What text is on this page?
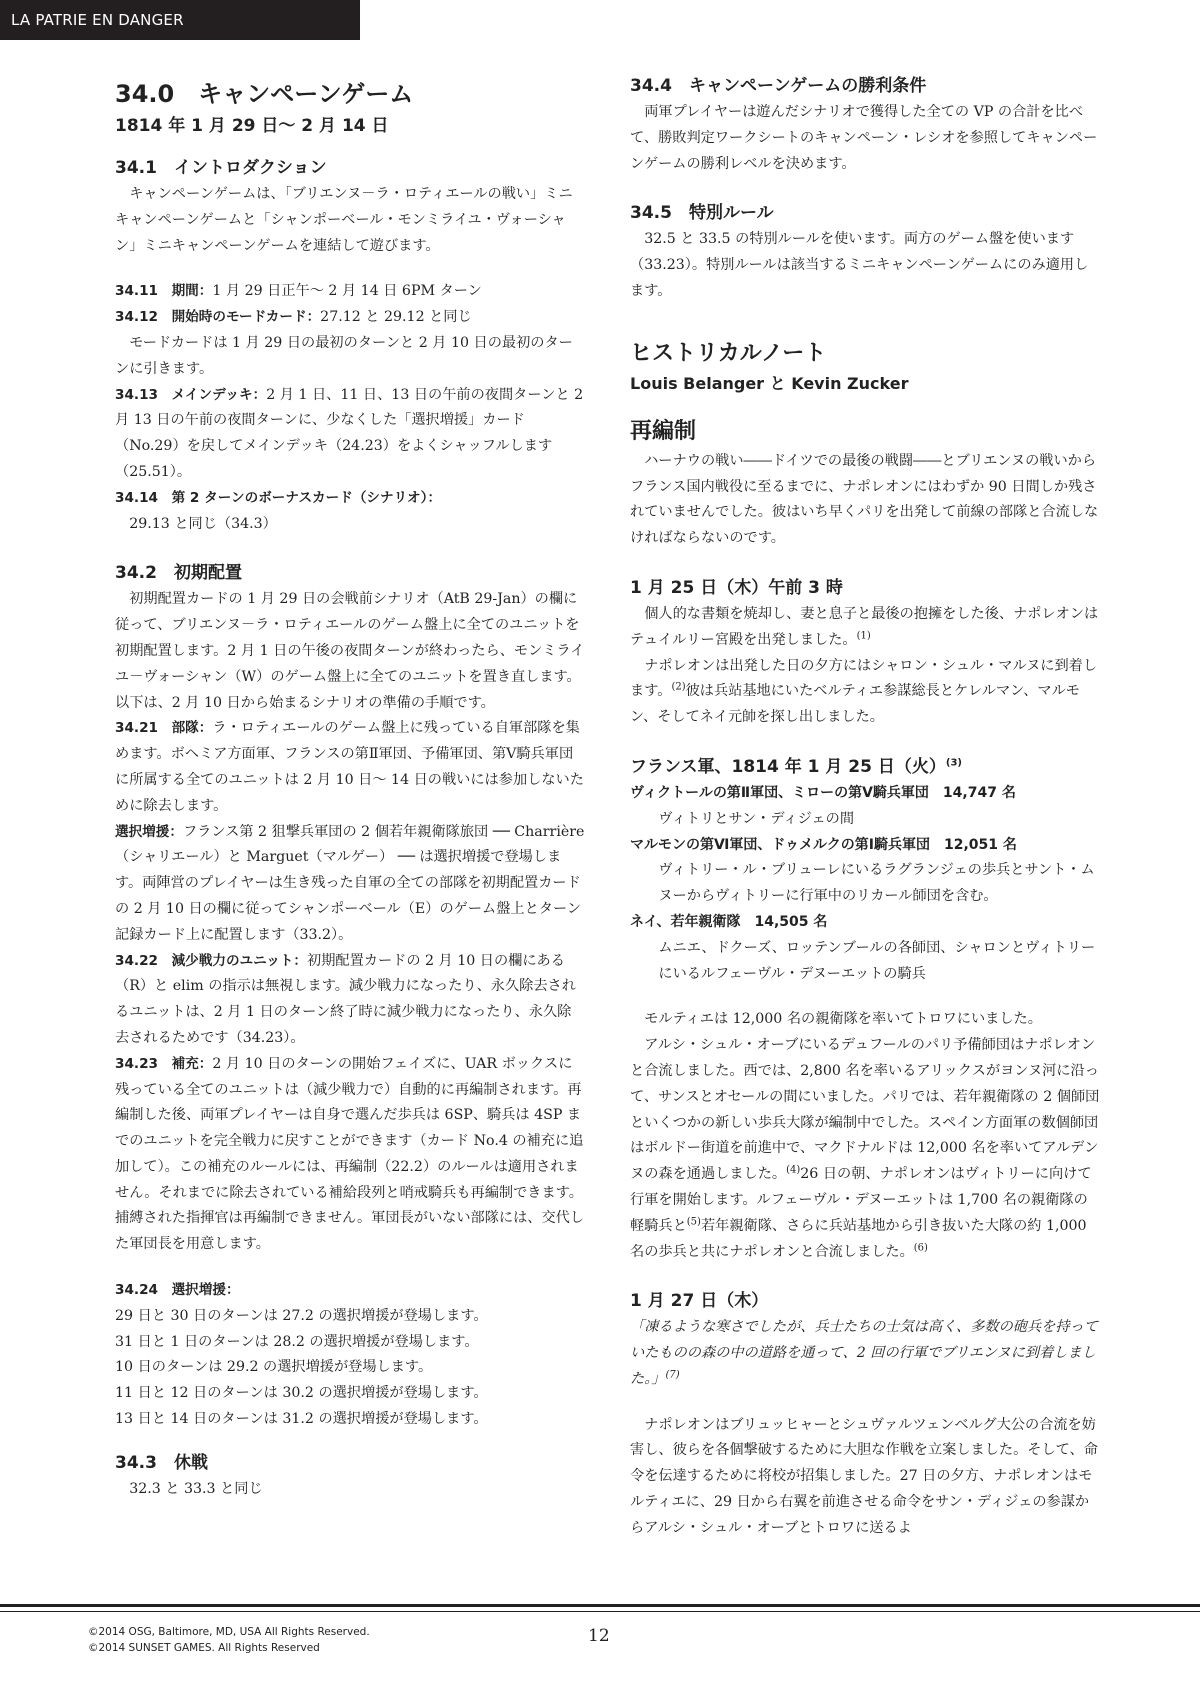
LA PATRIE EN DANGER
34.0　キャンペーンゲーム
1814 年 1 月 29 日～ 2 月 14 日
34.1　イントロダクション

キャンペーンゲームは、「ブリエンヌ－ラ・ロティエールの戦い」ミニキャンペーンゲームと「シャンポーベール・モンミライユ・ヴォーシャン」ミニキャンペーンゲームを連結して遊びます。

34.11　期間：1 月 29 日正午～ 2 月 14 日 6PM ターン

34.12　開始時のモードカード：27.12 と 29.12 と同じ

モードカードは 1 月 29 日の最初のターンと 2 月 10 日の最初のターンに引きます。

34.13　メインデッキ：2 月 1 日、11 日、13 日の午前の夜間ターンと 2 月 13 日の午前の夜間ターンに、少なくした「選択増援」カード（No.29）を戻してメインデッキ（24.23）をよくシャッフルします（25.51）。

34.14　第 2 ターンのボーナスカード（シナリオ）：

29.13 と同じ（34.3）

34.2　初期配置

初期配置カードの 1 月 29 日の会戦前シナリオ（AtB 29-Jan）の欄に従って、ブリエンヌ－ラ・ロティエールのゲーム盤上に全てのユニットを初期配置します。2 月 1 日の午後の夜間ターンが終わったら、モンミライユ－ヴォーシャン（W）のゲーム盤上に全てのユニットを置き直します。以下は、2 月 10 日から始まるシナリオの準備の手順です。

34.21　部隊：ラ・ロティエールのゲーム盤上に残っている自軍部隊を集めます。ボヘミア方面軍、フランスの第Ⅱ軍団、予備軍団、第Ⅴ騎兵軍団に所属する全てのユニットは 2 月 10 日～ 14 日の戦いには参加しないために除去します。

選択増援：フランス第 2 狙撃兵軍団の 2 個若年親衛隊旅団 ── Charrière（シャリエール）と Marguet（マルゲー） ── は選択増援で登場します。両陣営のプレイヤーは生き残った自軍の全ての部隊を初期配置カードの 2 月 10 日の欄に従ってシャンポーベール（E）のゲーム盤上とターン記録カード上に配置します（33.2）。

34.22　減少戦力のユニット：初期配置カードの 2 月 10 日の欄にある（R）と elim の指示は無視します。減少戦力になったり、永久除去されるユニットは、2 月 1 日のターン終了時に減少戦力になったり、永久除去されるためです（34.23）。

34.23　補充：2 月 10 日のターンの開始フェイズに、UAR ボックスに残っている全てのユニットは（減少戦力で）自動的に再編制されます。再編制した後、両軍プレイヤーは自身で選んだ歩兵は 6SP、騎兵は 4SP までのユニットを完全戦力に戻すことができます（カード No.4 の補充に追加して）。この補充のルールには、再編制（22.2）のルールは適用されません。それまでに除去されている補給段列と哨戒騎兵も再編制できます。捕縛された指揮官は再編制できません。軍団長がいない部隊には、交代した軍団長を用意します。

34.24　選択増援：

29 日と 30 日のターンは 27.2 の選択増援が登場します。

31 日と 1 日のターンは 28.2 の選択増援が登場します。

10 日のターンは 29.2 の選択増援が登場します。

11 日と 12 日のターンは 30.2 の選択増援が登場します。

13 日と 14 日のターンは 31.2 の選択増援が登場します。

34.3　休戦

32.3 と 33.3 と同じ

34.4　キャンペーンゲームの勝利条件

両軍プレイヤーは遊んだシナリオで獲得した全ての VP の合計を比べて、勝敗判定ワークシートのキャンペーン・レシオを参照してキャンペーンゲームの勝利レベルを決めます。

34.5　特別ルール

32.5 と 33.5 の特別ルールを使います。両方のゲーム盤を使います（33.23）。特別ルールは該当するミニキャンペーンゲームにのみ適用します。

ヒストリカルノート
Louis Belanger と Kevin Zucker
再編制

ハーナウの戦い――ドイツでの最後の戦闘――とブリエンヌの戦いからフランス国内戦役に至るまでに、ナポレオンにはわずか 90 日間しか残されていませんでした。彼はいち早くパリを出発して前線の部隊と合流しなければならないのです。

1 月 25 日（木）午前 3 時

個人的な書類を焼却し、妻と息子と最後の抱擁をした後、ナポレオンはテュイルリー宮殿を出発しました。$^{(1)}$

ナポレオンは出発した日の夕方にはシャロン・シュル・マルヌに到着します。$^{(2)}$彼は兵站基地にいたベルティエ参謀総長とケレルマン、マルモン、そしてネイ元帥を探し出しました。

フランス軍、1814 年 1 月 25 日（火）$^{(3)}$
ヴィクトールの第Ⅱ軍団、ミローの第Ⅴ騎兵軍団　14,747 名

ヴィトリとサン・ディジェの間

マルモンの第Ⅵ軍団、ドゥメルクの第Ⅰ騎兵軍団　12,051 名

ヴィトリー・ル・ブリューレにいるラグランジェの歩兵とサント・ムヌーからヴィトリーに行軍中のリカール師団を含む。

ネイ、若年親衛隊　14,505 名

ムニエ、ドクーズ、ロッテンブールの各師団、シャロンとヴィトリーにいるルフェーヴル・デヌーエットの騎兵

モルティエは 12,000 名の親衛隊を率いてトロワにいました。

アルシ・シュル・オーブにいるデュフールのパリ予備師団はナポレオンと合流しました。西では、2,800 名を率いるアリックスがヨンヌ河に沿って、サンスとオセールの間にいました。パリでは、若年親衛隊の 2 個師団といくつかの新しい歩兵大隊が編制中でした。スペイン方面軍の数個師団はボルドー街道を前進中で、マクドナルドは 12,000 名を率いてアルデンヌの森を通過しました。$^{(4)}$26 日の朝、ナポレオンはヴィトリーに向けて行軍を開始します。ルフェーヴル・デヌーエットは 1,700 名の親衛隊の軽騎兵と$^{(5)}$若年親衛隊、さらに兵站基地から引き抜いた大隊の約 1,000 名の歩兵と共にナポレオンと合流しました。$^{(6)}$

1 月 27 日（木）

「凍るような寒さでしたが、兵士たちの士気は高く、多数の砲兵を持っていたものの森の中の道路を通って、2 回の行軍でブリエンヌに到着しました。」$^{(7)}$

ナポレオンはブリュッヒャーとシュヴァルツェンベルグ大公の合流を妨害し、彼らを各個撃破するために大胆な作戦を立案しました。そして、命令を伝達するために将校が招集しました。27 日の夕方、ナポレオンはモルティエに、29 日から右翼を前進させる命令をサン・ディジェの参謀からアルシ・シュル・オーブとトロワに送るよ

©2014 OSG, Baltimore, MD, USA All Rights Reserved.
©2014 SUNSET GAMES. All Rights Reserved
12
